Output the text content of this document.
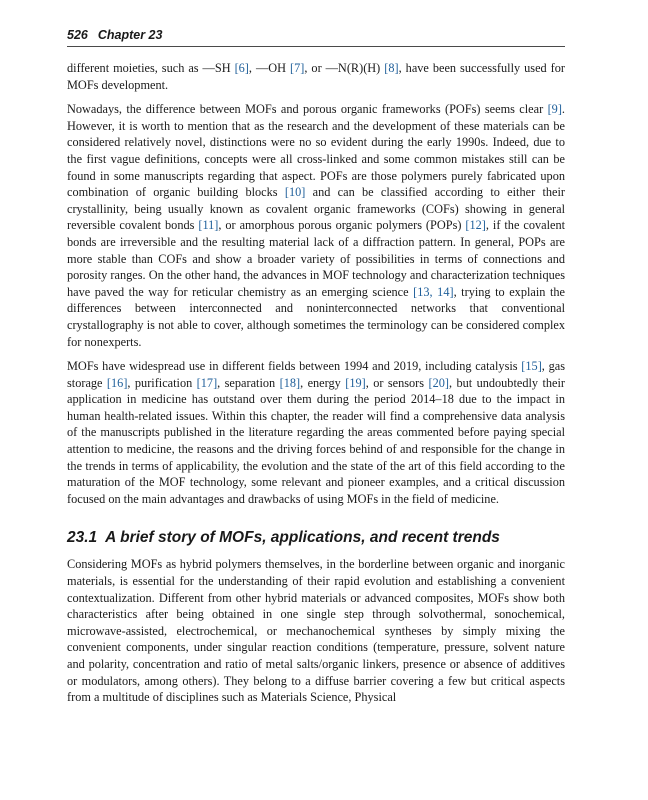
526 Chapter 23

different moieties, such as —SH [6], —OH [7], or —N(R)(H) [8], have been successfully used for MOFs development.

Nowadays, the difference between MOFs and porous organic frameworks (POFs) seems clear [9]. However, it is worth to mention that as the research and the development of these materials can be considered relatively novel, distinctions were no so evident during the early 1990s. Indeed, due to the first vague definitions, concepts were all cross-linked and some common mistakes still can be found in some manuscripts regarding that aspect. POFs are those polymers purely fabricated upon combination of organic building blocks [10] and can be classified according to either their crystallinity, being usually known as covalent organic frameworks (COFs) showing in general reversible covalent bonds [11], or amorphous porous organic polymers (POPs) [12], if the covalent bonds are irreversible and the resulting material lack of a diffraction pattern. In general, POPs are more stable than COFs and show a broader variety of possibilities in terms of connections and porosity ranges. On the other hand, the advances in MOF technology and characterization techniques have paved the way for reticular chemistry as an emerging science [13, 14], trying to explain the differences between interconnected and noninterconnected networks that conventional crystallography is not able to cover, although sometimes the terminology can be considered complex for nonexperts.

MOFs have widespread use in different fields between 1994 and 2019, including catalysis [15], gas storage [16], purification [17], separation [18], energy [19], or sensors [20], but undoubtedly their application in medicine has outstand over them during the period 2014–18 due to the impact in human health-related issues. Within this chapter, the reader will find a comprehensive data analysis of the manuscripts published in the literature regarding the areas commented before paying special attention to medicine, the reasons and the driving forces behind of and responsible for the change in the trends in terms of applicability, the evolution and the state of the art of this field according to the maturation of the MOF technology, some relevant and pioneer examples, and a critical discussion focused on the main advantages and drawbacks of using MOFs in the field of medicine.

23.1 A brief story of MOFs, applications, and recent trends

Considering MOFs as hybrid polymers themselves, in the borderline between organic and inorganic materials, is essential for the understanding of their rapid evolution and establishing a convenient contextualization. Different from other hybrid materials or advanced composites, MOFs show both characteristics after being obtained in one single step through solvothermal, sonochemical, microwave-assisted, electrochemical, or mechanochemical syntheses by simply mixing the convenient components, under singular reaction conditions (temperature, pressure, solvent nature and polarity, concentration and ratio of metal salts/organic linkers, presence or absence of additives or modulators, among others). They belong to a diffuse barrier covering a few but critical aspects from a multitude of disciplines such as Materials Science, Physical
